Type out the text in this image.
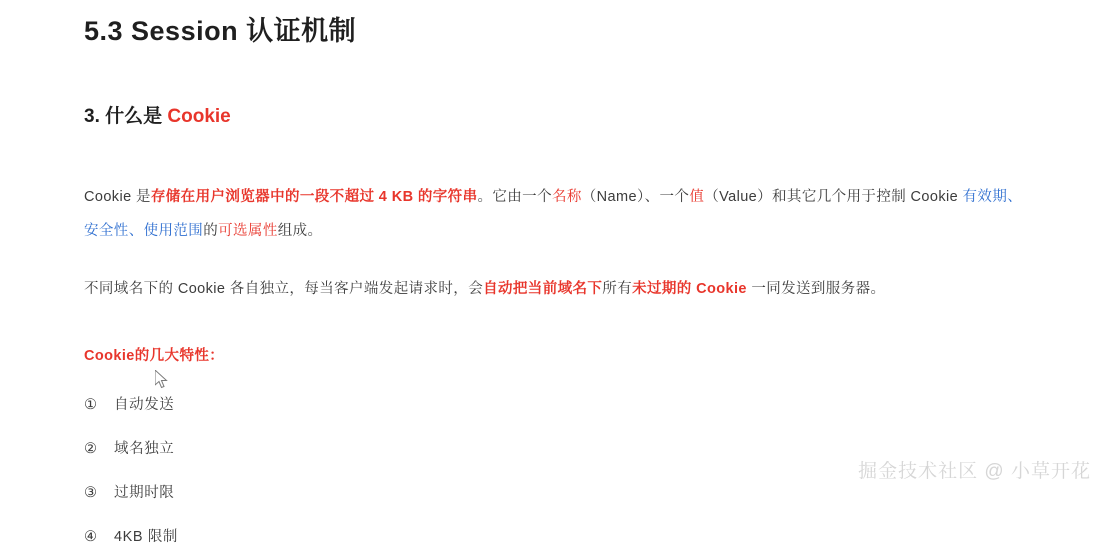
5.3 Session 认证机制
3. 什么是 Cookie

Cookie 是存储在用户浏览器中的一段不超过 4 KB 的字符串。它由一个名称（Name）、一个值（Value）和其它几个用于控制 Cookie 有效期、安全性、使用范围的可选属性组成。

不同域名下的 Cookie 各自独立，每当客户端发起请求时，会自动把当前域名下所有未过期的 Cookie 一同发送到服务器。

Cookie的几大特性：
① 自动发送
② 域名独立
③ 过期时限
④ 4KB 限制
掘金技术社区 @ 小草开花
